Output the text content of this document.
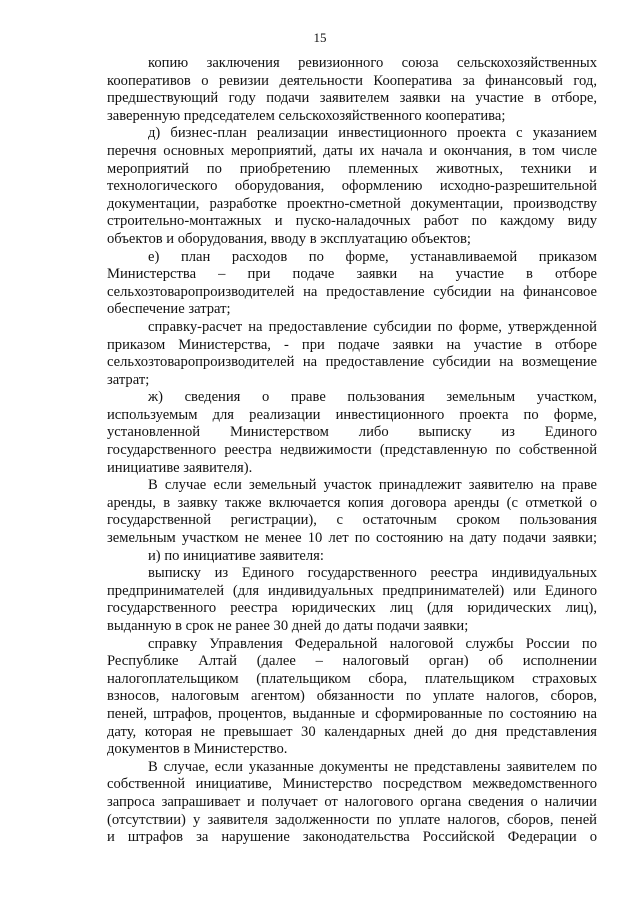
15
копию заключения ревизионного союза сельскохозяйственных
кооперативов о ревизии деятельности Кооператива за финансовый год,
предшествующий году подачи заявителем заявки на участие в отборе,
заверенную председателем сельскохозяйственного кооператива;
д) бизнес-план реализации инвестиционного проекта с указанием
перечня основных мероприятий, даты их начала и окончания, в том числе
мероприятий по приобретению племенных животных, техники и
технологического оборудования, оформлению исходно-разрешительной
документации, разработке проектно-сметной документации, производству
строительно-монтажных и пуско-наладочных работ по каждому виду
объектов и оборудования, вводу в эксплуатацию объектов;
е) план расходов по форме, устанавливаемой приказом
Министерства – при подаче заявки на участие в отборе
сельхозтоваропроизводителей на предоставление субсидии на финансовое
обеспечение затрат;
справку-расчет на предоставление субсидии по форме, утвержденной
приказом Министерства, - при подаче заявки на участие в отборе
сельхозтоваропроизводителей на предоставление субсидии на возмещение
затрат;
ж) сведения о праве пользования земельным участком,
используемым для реализации инвестиционного проекта по форме,
установленной Министерством либо выписку из Единого
государственного реестра недвижимости (представленную по собственной
инициативе заявителя).
В случае если земельный участок принадлежит заявителю на праве
аренды, в заявку также включается копия договора аренды (с отметкой о
государственной регистрации), с остаточным сроком пользования
земельным участком не менее 10 лет по состоянию на дату подачи заявки;
и) по инициативе заявителя:
выписку из Единого государственного реестра индивидуальных
предпринимателей (для индивидуальных предпринимателей) или Единого
государственного реестра юридических лиц (для юридических лиц),
выданную в срок не ранее 30 дней до даты подачи заявки;
справку Управления Федеральной налоговой службы России по
Республике Алтай (далее – налоговый орган) об исполнении
налогоплательщиком (плательщиком сбора, плательщиком страховых
взносов, налоговым агентом) обязанности по уплате налогов, сборов,
пеней, штрафов, процентов, выданные и сформированные по состоянию на
дату, которая не превышает 30 календарных дней до дня представления
документов в Министерство.
В случае, если указанные документы не представлены заявителем по
собственной инициативе, Министерство посредством межведомственного
запроса запрашивает и получает от налогового органа сведения о наличии
(отсутствии) у заявителя задолженности по уплате налогов, сборов, пеней
и штрафов за нарушение законодательства Российской Федерации о
